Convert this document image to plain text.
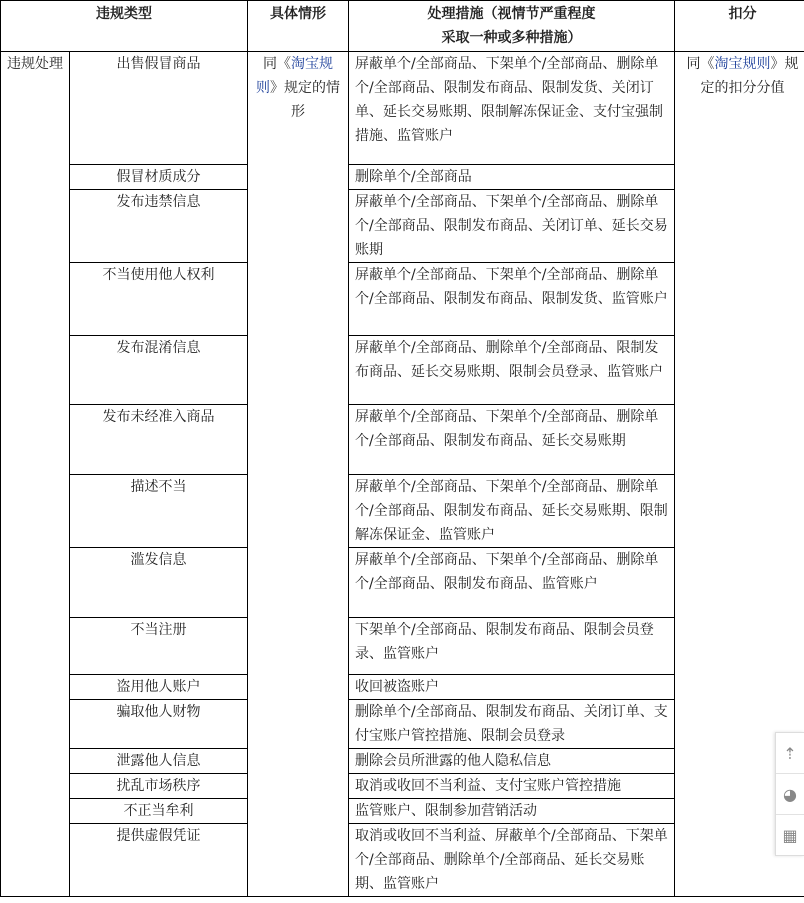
违规类型		具体情形	处理措施（视情节严重程度
采取一种或多种措施）	扣分
违规处理	出售假冒商品	同《淘宝规则》规定的情形	屏蔽单个/全部商品、下架单个/全部商品、删除单个/全部商品、限制发布商品、限制发货、关闭订单、延长交易账期、限制解冻保证金、支付宝强制措施、监管账户	同《淘宝规则》规定的扣分分值
	假冒材质成分		删除单个/全部商品	
	发布违禁信息		屏蔽单个/全部商品、下架单个/全部商品、删除单个/全部商品、限制发布商品、关闭订单、延长交易账期	
	不当使用他人权利		屏蔽单个/全部商品、下架单个/全部商品、删除单个/全部商品、限制发布商品、限制发货、监管账户	
	发布混淆信息		屏蔽单个/全部商品、删除单个/全部商品、限制发布商品、延长交易账期、限制会员登录、监管账户	
	发布未经准入商品		屏蔽单个/全部商品、下架单个/全部商品、删除单个/全部商品、限制发布商品、延长交易账期	
	描述不当		屏蔽单个/全部商品、下架单个/全部商品、删除单个/全部商品、限制发布商品、延长交易账期、限制解冻保证金、监管账户	
	滥发信息		屏蔽单个/全部商品、下架单个/全部商品、删除单个/全部商品、限制发布商品、监管账户	
	不当注册		下架单个/全部商品、限制发布商品、限制会员登录、监管账户	
	盗用他人账户		收回被盗账户	
	骗取他人财物		删除单个/全部商品、限制发布商品、关闭订单、支付宝账户管控措施、限制会员登录	
	泄露他人信息		删除会员所泄露的他人隐私信息	
	扰乱市场秩序		取消或收回不当利益、支付宝账户管控措施	
	不正当牟利		监管账户、限制参加营销活动	
	提供虚假凭证		取消或收回不当利益、屏蔽单个/全部商品、下架单个/全部商品、删除单个/全部商品、延长交易账期、监管账户	
⇡
◕
▦
